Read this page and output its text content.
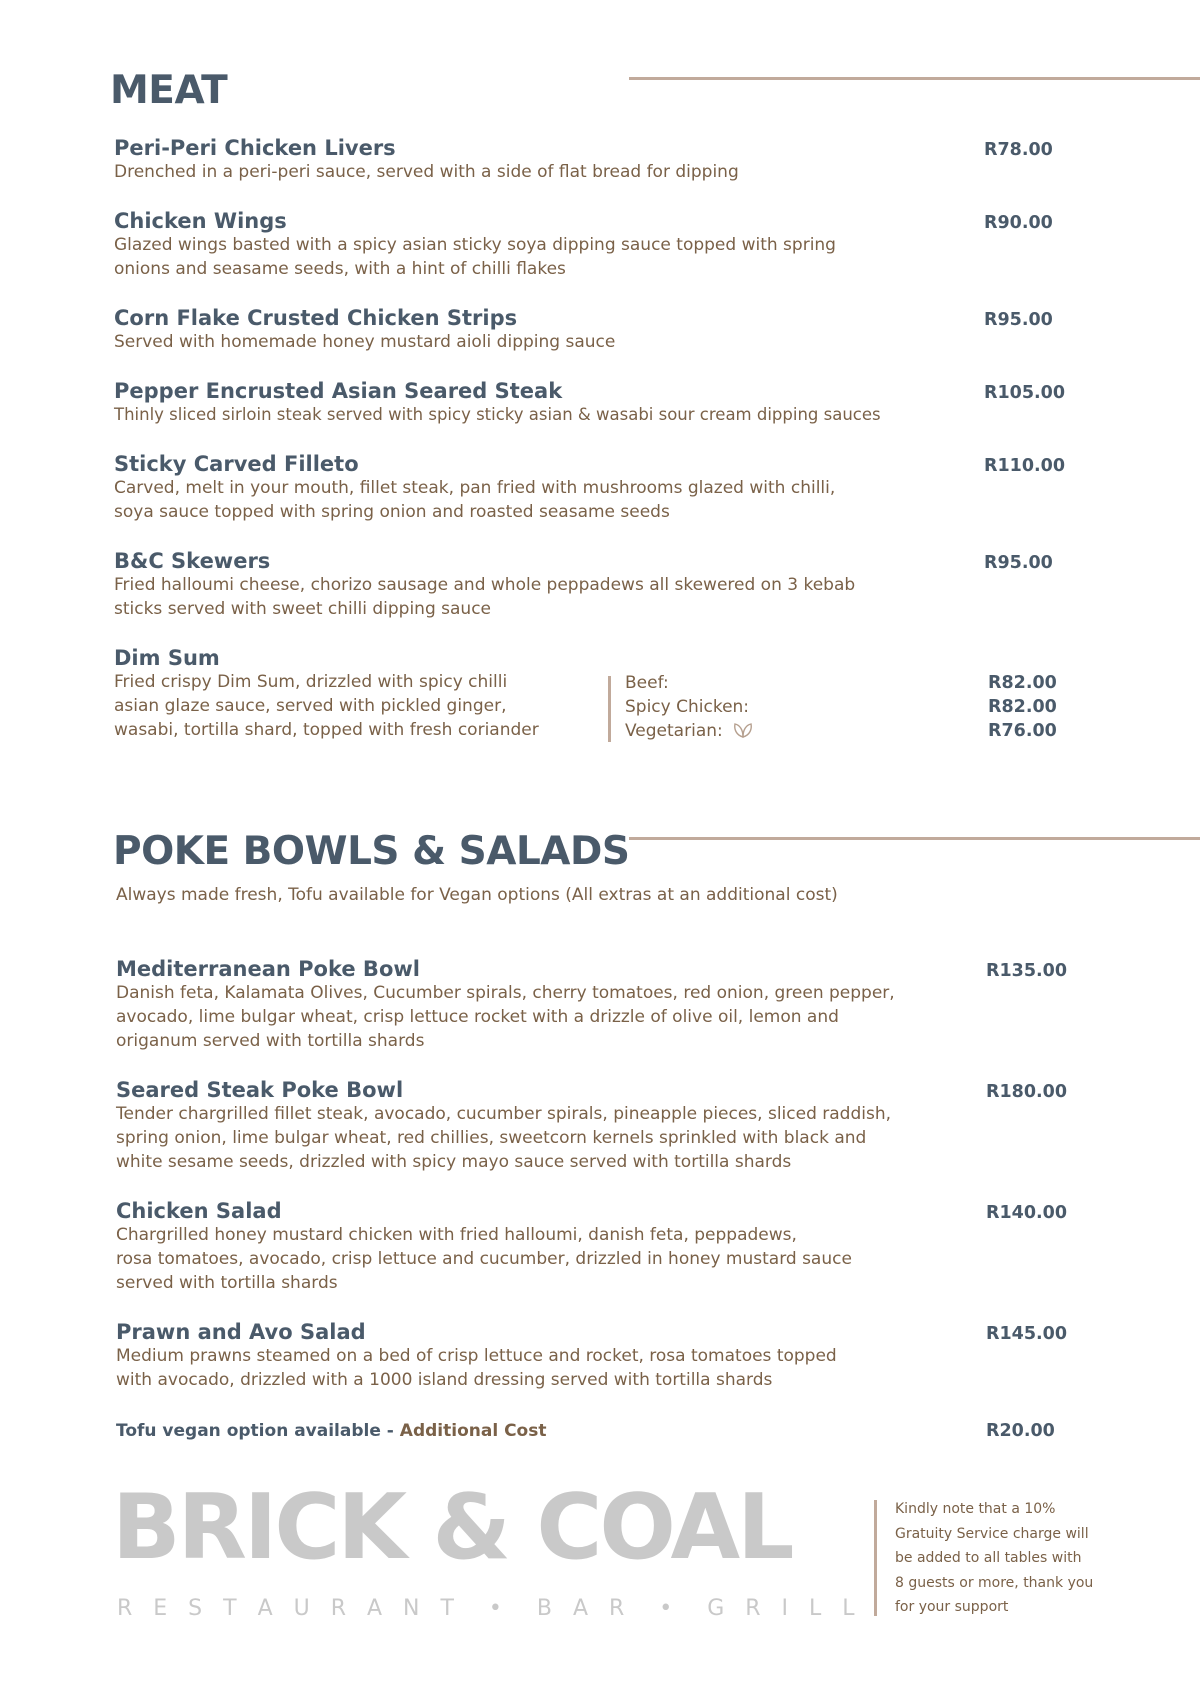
MEAT
Peri-Peri Chicken Livers
Drenched in a peri-peri sauce, served with a side of flat bread for dipping
R78.00
Chicken Wings
Glazed wings basted with a spicy asian sticky soya dipping sauce topped with spring
onions and seasame seeds, with a hint of chilli flakes
R90.00
Corn Flake Crusted Chicken Strips
Served with homemade honey mustard aioli dipping sauce
R95.00
Pepper Encrusted Asian Seared Steak
Thinly sliced sirloin steak served with spicy sticky asian & wasabi sour cream dipping sauces
R105.00
Sticky Carved Filleto
Carved, melt in your mouth, fillet steak, pan fried with mushrooms glazed with chilli,
soya sauce topped with spring onion and roasted seasame seeds
R110.00
B&C Skewers
Fried halloumi cheese, chorizo sausage and whole peppadews all skewered on 3 kebab
sticks served with sweet chilli dipping sauce
R95.00
Dim Sum
Fried crispy Dim Sum, drizzled with spicy chilli
asian glaze sauce, served with pickled ginger,
wasabi, tortilla shard, topped with fresh coriander
Beef:
Spicy Chicken:
Vegetarian:
R82.00
R82.00
R76.00
POKE BOWLS & SALADS
Always made fresh, Tofu available for Vegan options (All extras at an additional cost)
Mediterranean Poke Bowl
Danish feta, Kalamata Olives, Cucumber spirals, cherry tomatoes, red onion, green pepper,
avocado, lime bulgar wheat, crisp lettuce rocket with a drizzle of olive oil, lemon and
origanum served with tortilla shards
R135.00
Seared Steak Poke Bowl
Tender chargrilled fillet steak, avocado, cucumber spirals, pineapple pieces, sliced raddish,
spring onion, lime bulgar wheat, red chillies, sweetcorn kernels sprinkled with black and
white sesame seeds, drizzled with spicy mayo sauce served with tortilla shards
R180.00
Chicken Salad
Chargrilled honey mustard chicken with fried halloumi, danish feta, peppadews,
rosa tomatoes, avocado, crisp lettuce and cucumber, drizzled in honey mustard sauce
served with tortilla shards
R140.00
Prawn and Avo Salad
Medium prawns steamed on a bed of crisp lettuce and rocket, rosa tomatoes topped
with avocado, drizzled with a 1000 island dressing served with tortilla shards
R145.00
Tofu vegan option available - Additional Cost	R20.00
BRICK & COAL
R E S T A U R A N T  •  B A R  •  G R I L L
Kindly note that a 10%
Gratuity Service charge will
be added to all tables with
8 guests or more, thank you
for your support
